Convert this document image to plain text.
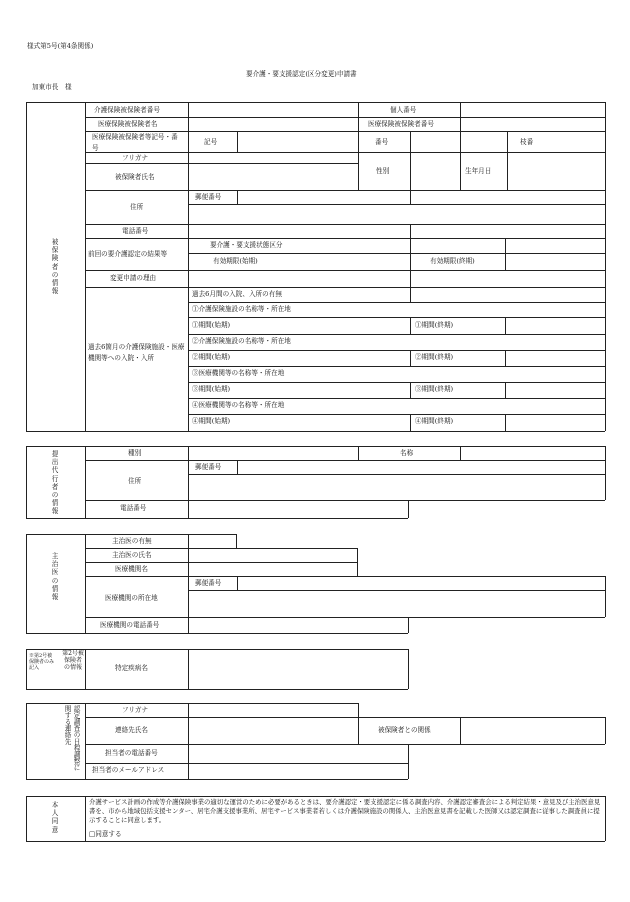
様式第5号(第4条関係)
要介護・要支援認定(区分変更)申請書
加東市長　様
被保険者の情報
介護保険被保険者番号	個人番号
医療保険被保険者名	医療保険被保険者番号
医療保険被保険者等記号・番号
記号	番号	枝番
フリガナ
被保険者氏名
性別	生年月日
郵便番号
住所
電話番号
前回の要介護認定の結果等
要介護・要支援状態区分
有効期限(始期)	有効期限(終期)
変更申請の理由
過去6箇月の介護保険施設・医療機関等への入院・入所
過去6月間の入院、入所の有無
①介護保険施設の名称等・所在地
①期間(始期)	①期間(終期)
②介護保険施設の名称等・所在地
②期間(始期)	②期間(終期)
③医療機関等の名称等・所在地
③期間(始期)	③期間(終期)
④医療機関等の名称等・所在地
④期間(始期)	④期間(終期)
提出代行者の情報
種別	名称
郵便番号
住所
電話番号
主治医の情報
主治医の有無
主治医の氏名
医療機関名
郵便番号
医療機関の所在地
医療機関の電話番号
※第2号被保険者のみ記入
第2号被保険者の情報	特定疾病名
認定調査の日程調整に関する連絡先	フリガナ
連絡先氏名	被保険者との関係
担当者の電話番号
担当者のメールアドレス
本人同意
介護サービス計画の作成等介護保険事業の適切な運営のために必要があるときは、要介護認定・要支援認定に係る調査内容、介護認定審査会による判定結果・意見及び主治医意見書を、市から地域包括支援センター、居宅介護支援事業所、居宅サービス事業者若しくは介護保険施設の関係人、主治医意見書を記載した医師又は認定調査に従事した調査員に提示することに同意します。
□同意する
